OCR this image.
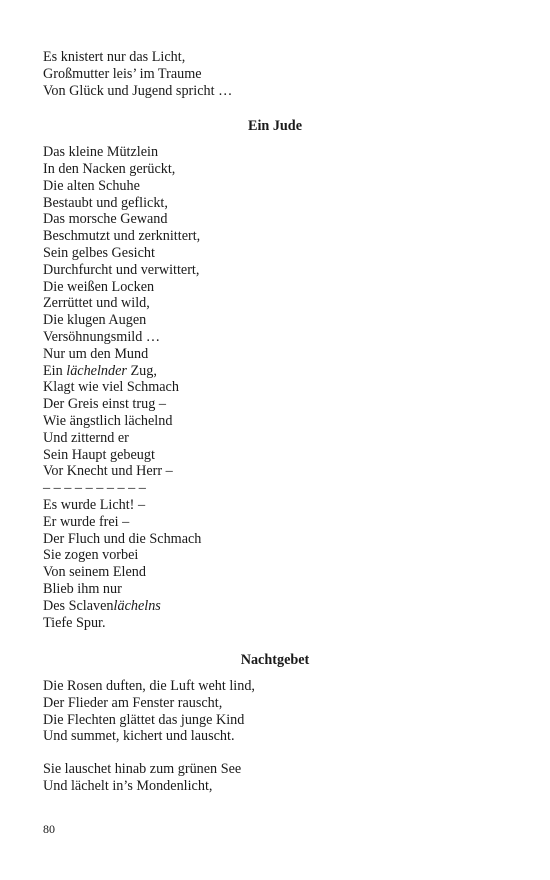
Es knistert nur das Licht,
Großmutter leis’ im Traume
Von Glück und Jugend spricht …
Ein Jude
Das kleine Mützlein
In den Nacken gerückt,
Die alten Schuhe
Bestaubt und geflickt,
Das morsche Gewand
Beschmutzt und zerknittert,
Sein gelbes Gesicht
Durchfurcht und verwittert,
Die weißen Locken
Zerrüttet und wild,
Die klugen Augen
Versöhnungsmild …
Nur um den Mund
Ein lächelnder Zug,
Klagt wie viel Schmach
Der Greis einst trug –
Wie ängstlich lächelnd
Und zitternd er
Sein Haupt gebeugt
Vor Knecht und Herr –
– – – – – – – – – –
Es wurde Licht! –
Er wurde frei –
Der Fluch und die Schmach
Sie zogen vorbei
Von seinem Elend
Blieb ihm nur
Des Sclavenlächelns
Tiefe Spur.
Nachtgebet
Die Rosen duften, die Luft weht lind,
Der Flieder am Fenster rauscht,
Die Flechten glättet das junge Kind
Und summet, kichert und lauscht.
Sie lauschet hinab zum grünen See
Und lächelt in’s Mondenlicht,
80
